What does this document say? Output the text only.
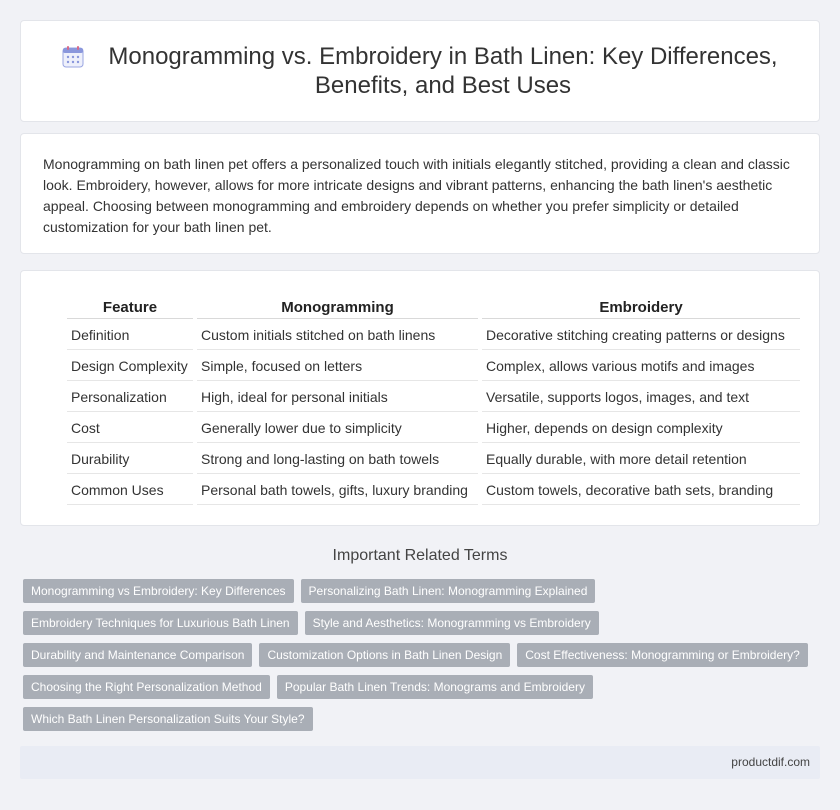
Monogramming vs. Embroidery in Bath Linen: Key Differences, Benefits, and Best Uses

Monogramming on bath linen pet offers a personalized touch with initials elegantly stitched, providing a clean and classic look. Embroidery, however, allows for more intricate designs and vibrant patterns, enhancing the bath linen's aesthetic appeal. Choosing between monogramming and embroidery depends on whether you prefer simplicity or detailed customization for your bath linen pet.

Feature	Monogramming	Embroidery
Definition	Custom initials stitched on bath linens	Decorative stitching creating patterns or designs
Design Complexity	Simple, focused on letters	Complex, allows various motifs and images
Personalization	High, ideal for personal initials	Versatile, supports logos, images, and text
Cost	Generally lower due to simplicity	Higher, depends on design complexity
Durability	Strong and long-lasting on bath towels	Equally durable, with more detail retention
Common Uses	Personal bath towels, gifts, luxury branding	Custom towels, decorative bath sets, branding
Important Related Terms
Monogramming vs Embroidery: Key Differences	Personalizing Bath Linen: Monogramming Explained
Embroidery Techniques for Luxurious Bath Linen	Style and Aesthetics: Monogramming vs Embroidery
Durability and Maintenance Comparison	Customization Options in Bath Linen Design	Cost Effectiveness: Monogramming or Embroidery?
Choosing the Right Personalization Method	Popular Bath Linen Trends: Monograms and Embroidery
Which Bath Linen Personalization Suits Your Style?
productdif.com
